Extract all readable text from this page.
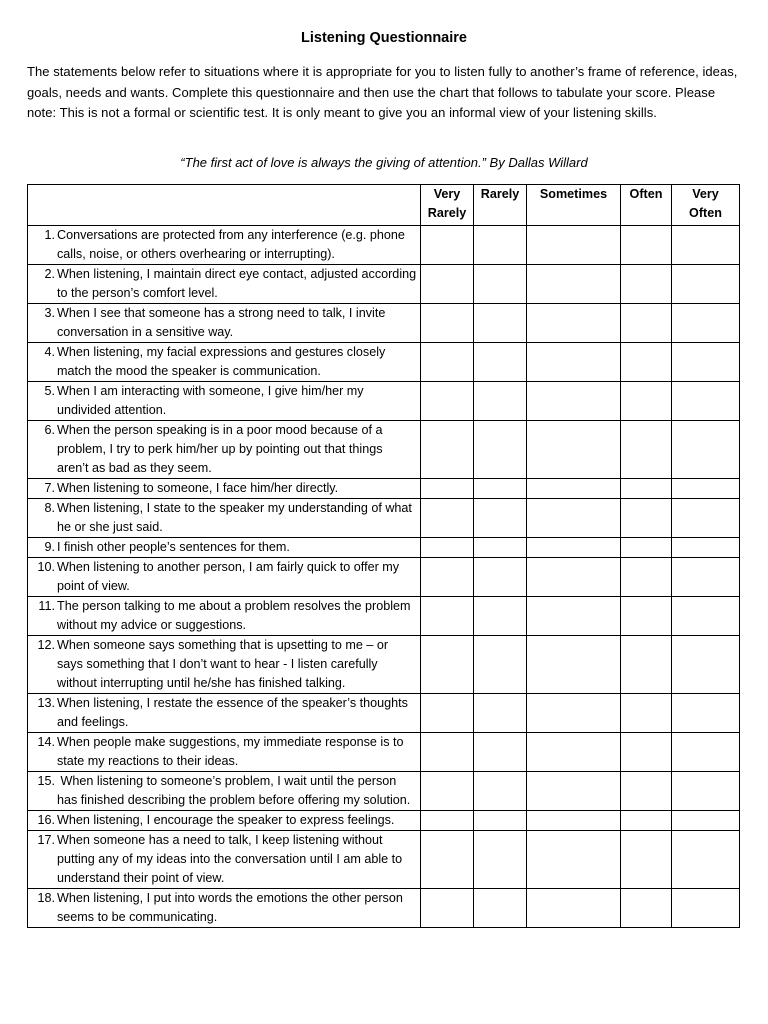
Listening Questionnaire
The statements below refer to situations where it is appropriate for you to listen fully to another’s frame of reference, ideas, goals, needs and wants. Complete this questionnaire and then use the chart that follows to tabulate your score. Please note: This is not a formal or scientific test. It is only meant to give you an informal view of your listening skills.
“The first act of love is always the giving of attention.” By Dallas Willard
	Very Rarely	Rarely	Sometimes	Often	Very Often

1. Conversations are protected from any interference (e.g. phone calls, noise, or others overhearing or interrupting).					

2. When listening, I maintain direct eye contact, adjusted according to the person’s comfort level.					

3. When I see that someone has a strong need to talk, I invite conversation in a sensitive way.					

4. When listening, my facial expressions and gestures closely match the mood the speaker is communication.					

5. When I am interacting with someone, I give him/her my undivided attention.					

6. When the person speaking is in a poor mood because of a problem, I try to perk him/her up by pointing out that things aren’t as bad as they seem.					

7. When listening to someone, I face him/her directly.					

8. When listening, I state to the speaker my understanding of what he or she just said.					

9. I finish other people’s sentences for them.					

10. When listening to another person, I am fairly quick to offer my point of view.					

11. The person talking to me about a problem resolves the problem without my advice or suggestions.					

12. When someone says something that is upsetting to me – or says something that I don’t want to hear - I listen carefully without interrupting until he/she has finished talking.					

13. When listening, I restate the essence of the speaker’s thoughts and feelings.					

14. When people make suggestions, my immediate response is to state my reactions to their ideas.					

15. When listening to someone’s problem, I wait until the person has finished describing the problem before offering my solution.					

16. When listening, I encourage the speaker to express feelings.					

17. When someone has a need to talk, I keep listening without putting any of my ideas into the conversation until I am able to understand their point of view.					

18. When listening, I put into words the emotions the other person seems to be communicating.					
